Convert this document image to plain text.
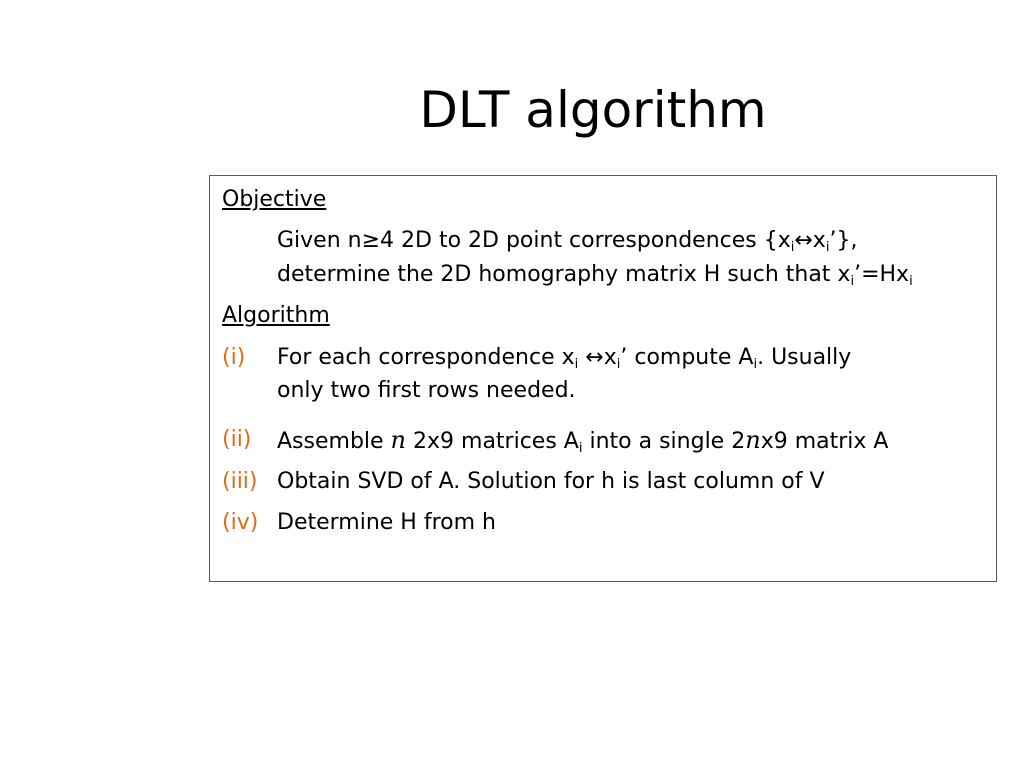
DLT algorithm
Objective
Given n≥4 2D to 2D point correspondences $\{x_i\leftrightarrow x_i’\}$,
determine the 2D homography matrix H such that $x_i’=Hx_i$
Algorithm
(i) For each correspondence $x_i$ $\leftrightarrow x_i$’ compute $A_i$. Usually
only two first rows needed.
(ii) Assemble n 2x9 matrices $A_i$ into a single 2nx9 matrix A
(iii) Obtain SVD of A. Solution for h is last column of V
(iv) Determine H from h
